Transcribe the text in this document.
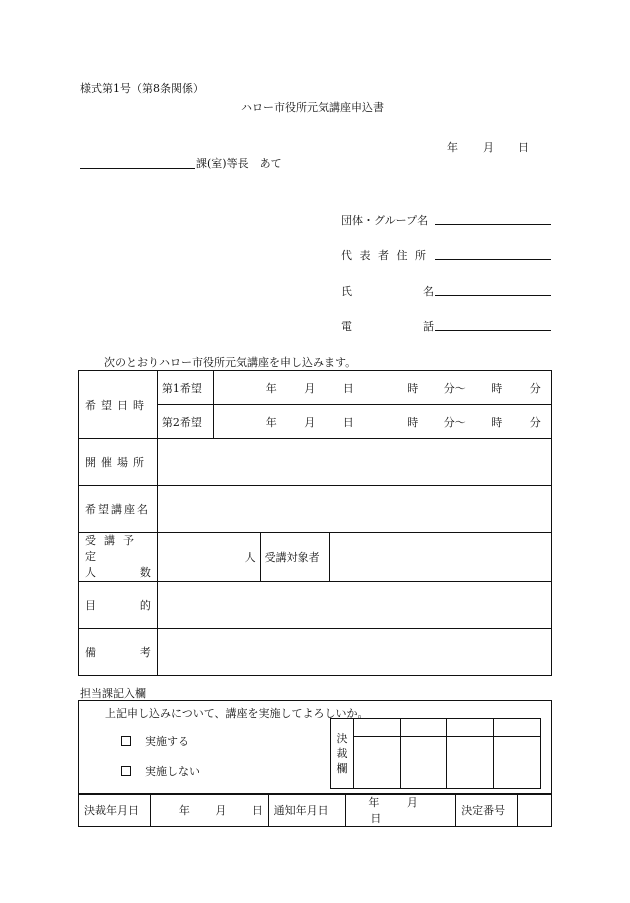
様式第1号（第8条関係）
ハロー市役所元気講座申込書
年 月 日
課(室)等長　あて
団体・グループ名
代 表 者 住 所
氏	名
電	話
次のとおりハロー市役所元気講座を申し込みます。
希望日時	第1希望	年 月 日 時 分～ 時 分		
	第2希望	年 月 日 時 分～ 時 分		
開催場所				
希望講座名				

受講予定
人 数	人		受講対象者	

目 的				

備 考				

担当課記入欄
上記申し込みについて、講座を実施してよろしいか。
実施する
実施しない
決
裁
欄				

決裁年月日	年 月 日	通知年月日	年	月 日	決定番号	
